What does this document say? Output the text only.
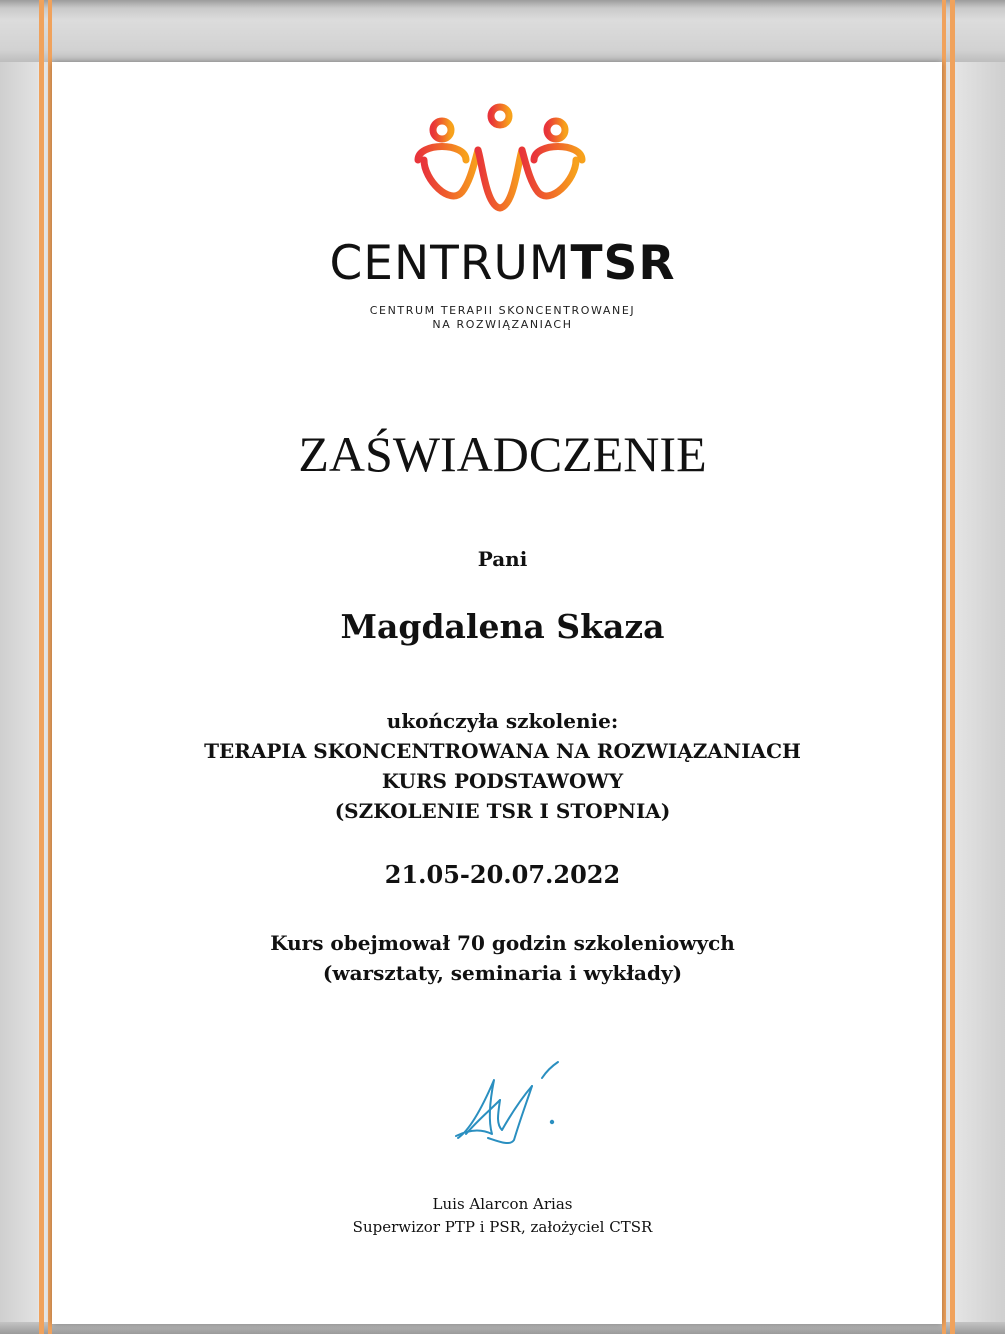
CENTRUMTSR
CENTRUM TERAPII SKONCENTROWANEJ
NA ROZWIĄZANIACH
ZAŚWIADCZENIE
Pani
Magdalena Skaza
ukończyła szkolenie:
TERAPIA SKONCENTROWANA NA ROZWIĄZANIACH
KURS PODSTAWOWY
(SZKOLENIE TSR I STOPNIA)
21.05-20.07.2022
Kurs obejmował 70 godzin szkoleniowych
(warsztaty, seminaria i wykłady)
Luis Alarcon Arias
Superwizor PTP i PSR, założyciel CTSR
